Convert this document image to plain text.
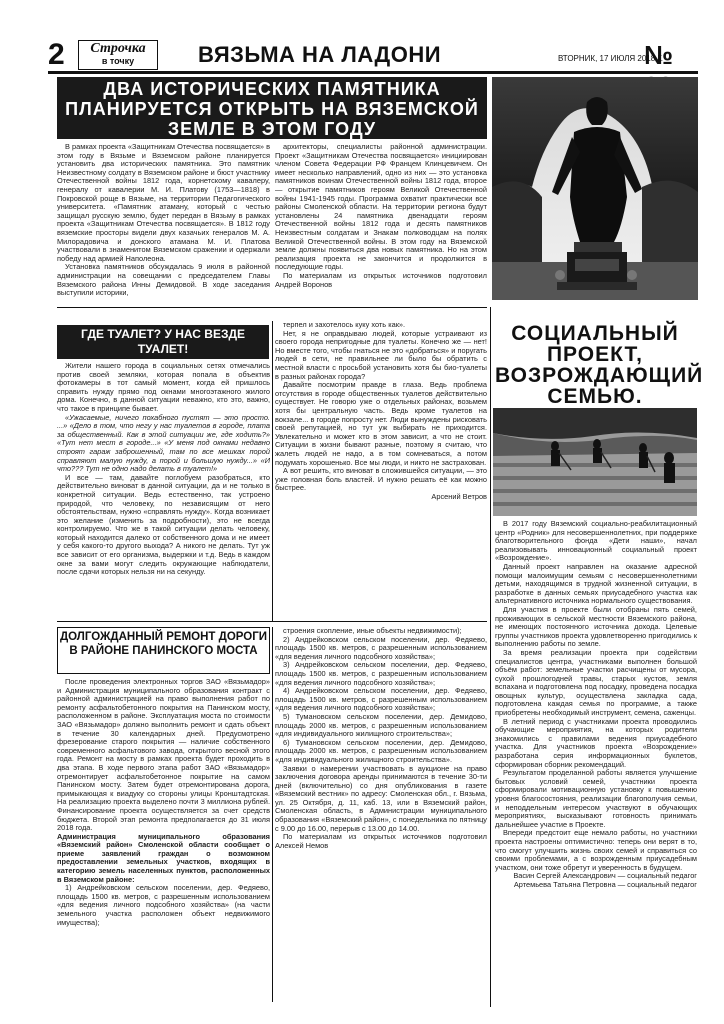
2	Строчка
в точку	ВЯЗЬМА НА ЛАДОНИ	ВТОРНИК, 17 ИЮЛЯ 2018 Г.
№
ДВА ИСТОРИЧЕСКИХ ПАМЯТНИКА ПЛАНИРУЕТСЯ ОТКРЫТЬ НА ВЯЗЕМСКОЙ ЗЕМЛЕ В ЭТОМ ГОДУ

В рамках проекта «Защитникам Отечества посвящается» в этом году в Вязьме и Вяземском районе планируется установить два исторических памятника. Это памятник Неизвестному солдату в Вяземском районе и бюст участнику Отечественной войны 1812 года, корнетскому кавалеру, генералу от кавалерии М. И. Платову (1753—1818) в Покровской роще в Вязьме, на территории Педагогического университета. «Памятник атаману, который с честью защищал русскую землю, будет передан в Вязьму в рамках проекта «Защитникам Отечества посвящается». В 1812 году вяземские просторы видели двух казачьих генералов М. А. Милорадовича и донского атамана М. И. Платова участвовали в знаменитом Вяземском сражении и одержали победу над армией Наполеона.

Установка памятников обсуждалась 9 июля в районной администрации на совещании с председателем Главы Вяземского района Инны Демидовой. В ходе заседания выступили историки,

архитекторы, специалисты районной администрации. Проект «Защитникам Отечества посвящается» инициирован членом Совета Федерации РФ Францем Клинцевичем. Он имеет несколько направлений, одно из них — это установка памятников воинам Отечественной войны 1812 года, второе — открытие памятников героям Великой Отечественной войны 1941-1945 годы. Программа охватит практически все районы Смоленской области. На территории региона будут установлены 24 памятника двенадцати героям Отечественной войны 1812 года и десять памятников Неизвестным солдатам и Знакам полководцам на полях Великой Отечественной войны. В этом году на Вяземской земле должны появиться два новых памятника. Но на этом реализация проекта не закончится и продолжится в последующие годы.

По материалам из открытых источников подготовил Андрей Воронов

ГДЕ ТУАЛЕТ? У НАС ВЕЗДЕ ТУАЛЕТ!

Жители нашего города в социальных сетях отмечались против своей земляки, которая попала в объектив фотокамеры в тот самый момент, когда ей пришлось справить нужду прямо под окнами многоэтажного жилого дома. Конечно, в данной ситуации неважно, кто это, важно, что такое в принципе бывает.

«Ужасаемые, ничего похабного пустят — это просто. ...» «Дело в том, что негу у нас туалетов в городе, плата за общественный. Как в этой ситуации же, где ходить?» «Тут нет мест в городе...» «У меня под окнами недавно строят гараж заброшенный, там по все мешках порой справляют малую нужду, а порой и большую нужду...» «И что??? Тут не одно надо делать в туалет!»

И все — там, давайте поглобуем разобраться, кто действительно виноват в данной ситуации, да и не только в конкретной ситуации. Ведь естественно, так устроено природой, что человеку, по независящим от него обстоятельствам, нужно «справлять нужду». Когда возникает это желание (изменить за подробности), это не всегда контролируемо. Что же в такой ситуации делать человеку, который находится далеко от собственного дома и не имеет у себя какого-то другого выхода? А никого не делать. Тут уж все зависит от его организма, выдержки и т.д. Ведь в каждом окне за вами могут следить окружающие наблюдатели, после сдачи которых нельзя ни на секунду.

терпел и захотелось куку хоть как».

Нет, я не оправдываю людей, которые устраивают из своего города непригодные для туалеты. Конечно же — нет! Но вместе того, чтобы гнаться не это «добраться» и поругать людей в сети, не правильнее ли было бы обратить с местной власти с просьбой установить хотя бы био-туалеты в разных районах города?

Давайте посмотрим правде в глаза. Ведь проблема отсутствия в городе общественных туалетов действительно существует. Не говорю уже о отдельных районах, возьмем хотя бы центральную часть. Ведь кроме туалетов на вокзале... в городе попросту нет. Люди вынуждены рисковать своей репутацией, но тут уж выбирать не приходится. Увлекательно и может кто в этом зависит, а что не стоит. Ситуации в жизни бывают разные, поэтому я считаю, что жалеть людей не надо, а в том сомневаться, а потом подумать хорошенько. Все мы люди, и никто не застрахован.

А вот решить, кто виноват в сложившейся ситуации, — это уже головная боль властей. И нужно решать её как можно быстрее.

Арсений Ветров

ДОЛГОЖДАННЫЙ РЕМОНТ ДОРОГИ В РАЙОНЕ ПАНИНСКОГО МОСТА

После проведения электронных торгов ЗАО «Вязьмадор» и Администрация муниципального образования контракт с районной администрацией на право выполнения работ по ремонту асфальтобетонного покрытия на Панинском мосту, расположенном в районе. Эксплуатация моста по стоимости ЗАО «Вязьмадор» должно выполнить ремонт и сдать объект в течение 30 календарных дней. Предусмотрено фрезерование старого покрытия — наличие собственного современного асфальтового завода, открытого весной этого года. Ремонт на мосту в рамках проекта будет проходить в два этапа. В ходе первого этапа работ ЗАО «Вязьмадор» отремонтирует асфальтобетонное покрытие на самом Панинском мосту. Затем будет отремонтирована дорога, примыкающая к виадуку со стороны улицы Кронштадтская. На реализацию проекта выделено почти 3 миллиона рублей. Финансирование проекта осуществляется за счет средств бюджета. Второй этап ремонта предполагается до 31 июля 2018 года.

Администрация муниципального образования «Вяземский район» Смоленской области сообщает о приеме заявлений граждан о возможном предоставлении земельных участков, входящих в категорию земель населенных пунктов, расположенных в Вяземском районе:

1) Андрейковском сельском поселении, дер. Федяево, площадь 1500 кв. метров, с разрешенным использованием «для ведения личного подсобного хозяйства» (на части земельного участка расположен объект недвижимого имущества);

строения скопление, иные объекты недвижимости);

2) Андрейковском сельском поселении, дер. Федяево, площадь 1500 кв. метров, с разрешенным использованием «для ведения личного подсобного хозяйства»;

3) Андрейковском сельском поселении, дер. Федяево, площадь 1500 кв. метров, с разрешенным использованием «для ведения личного подсобного хозяйства»;

4) Андрейковском сельском поселении, дер. Федяево, площадь 1500 кв. метров, с разрешенным использованием «для ведения личного подсобного хозяйства»;

5) Тумановском сельском поселении, дер. Демидово, площадь 2000 кв. метров, с разрешенным использованием «для индивидуального жилищного строительства»;

6) Тумановском сельском поселении, дер. Демидово, площадь 2000 кв. метров, с разрешенным использованием «для индивидуального жилищного строительства».

Заявки о намерении участвовать в аукционе на право заключения договора аренды принимаются в течение 30-ти дней (включительно) со дня опубликования в газете «Вяземский вестник» по адресу: Смоленская обл., г. Вязьма, ул. 25 Октября, д. 11, каб. 13, или в Вяземский район, Смоленская область, в Администрации муниципального образования «Вяземский район», с понедельника по пятницу с 9.00 до 16.00, перерыв с 13.00 до 14.00.

По материалам из открытых источников подготовил Алексей Немов

СОЦИАЛЬНЫЙ ПРОЕКТ, ВОЗРОЖДАЮЩИЙ СЕМЬЮ.

В 2017 году Вяземский социально-реабилитационный центр «Родник» для несовершеннолетних, при поддержке благотворительного фонда «Дети наши», начал реализовывать инновационный социальный проект «Возрождение».

Данный проект направлен на оказание адресной помощи малоимущим семьям с несовершеннолетними детьми, находящимся в трудной жизненной ситуации, в разработке в данных семьях приусадебного участка как альтернативного источника нормального существования.

Для участия в проекте были отобраны пять семей, проживающих в сельской местности Вяземского района, не имеющих постоянного источника дохода. Целевые группы участников проекта удовлетворенно пригодились к выполнению работы по земле.

За время реализации проекта при содействии специалистов центра, участниками выполнен большой объём работ: земельные участки расчищены от мусора, сухой прошлогодней травы, старых кустов, земля вспахана и подготовлена под посадку, проведена посадка овощных культур, осуществлена закладка сада, подготовлена каждая семья по программе, а также приобретены необходимый инструмент, семена, саженцы.

В летний период с участниками проекта проводились обучающие мероприятия, на которых родители знакомились с правилами ведения приусадебного участка. Для участников проекта «Возрождение» разработана серия информационных буклетов, сформирован сборник рекомендаций.

Результатом проделанной работы является улучшение бытовых условий семей, участники проекта сформировали мотивационную установку к повышению уровня благосостояния, реализации благополучия семьи, и неподдельным интересом участвуют в обучающих мероприятиях, высказывают готовность принимать дальнейшее участие в Проекте.

Впереди предстоит еще немало работы, но участники проекта настроены оптимистично: теперь они верят в то, что смогут улучшить жизнь своих семей и справиться со своими проблемами, а с возрожденным приусадебным участком, они тоже обретут и уверенность в будущем.

Васин Сергей Александрович — социальный педагог

Артемьева Татьяна Петровна — социальный педагог
